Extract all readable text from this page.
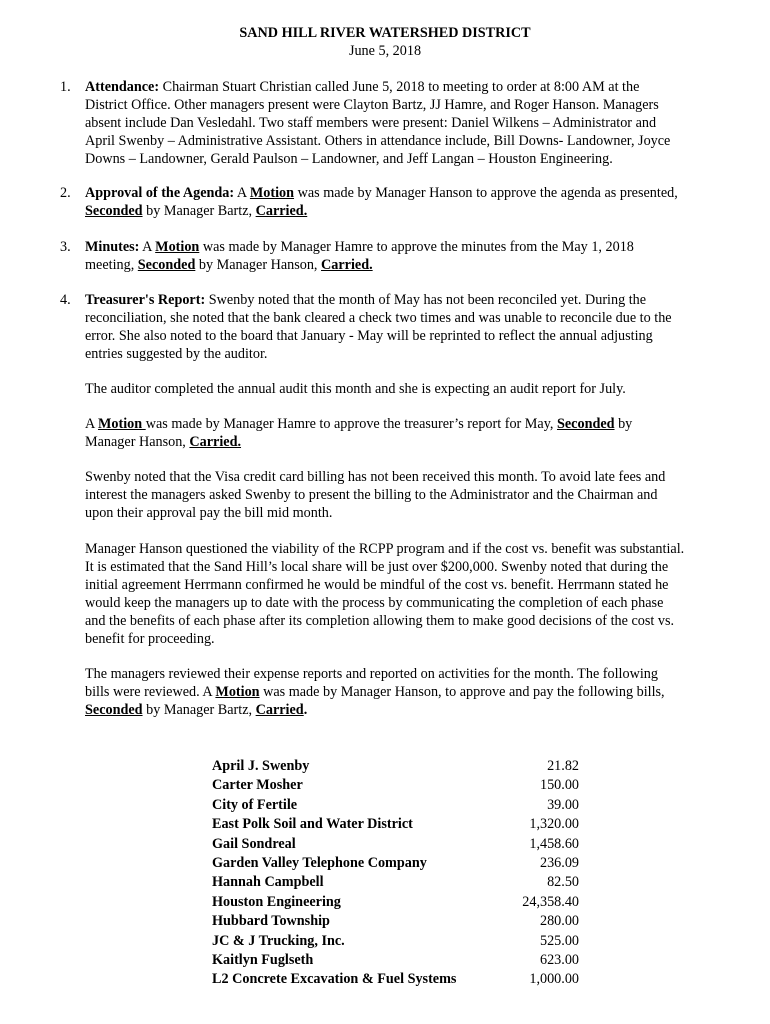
SAND HILL RIVER WATERSHED DISTRICT
June 5, 2018
1. Attendance: Chairman Stuart Christian called June 5, 2018 to meeting to order at 8:00 AM at the District Office. Other managers present were Clayton Bartz, JJ Hamre, and Roger Hanson. Managers absent include Dan Vesledahl. Two staff members were present: Daniel Wilkens – Administrator and April Swenby – Administrative Assistant. Others in attendance include, Bill Downs- Landowner, Joyce Downs – Landowner, Gerald Paulson – Landowner, and Jeff Langan – Houston Engineering.
2. Approval of the Agenda: A Motion was made by Manager Hanson to approve the agenda as presented, Seconded by Manager Bartz, Carried.
3. Minutes: A Motion was made by Manager Hamre to approve the minutes from the May 1, 2018 meeting, Seconded by Manager Hanson, Carried.
4. Treasurer's Report: Swenby noted that the month of May has not been reconciled yet. During the reconciliation, she noted that the bank cleared a check two times and was unable to reconcile due to the error. She also noted to the board that January - May will be reprinted to reflect the annual adjusting entries suggested by the auditor.
The auditor completed the annual audit this month and she is expecting an audit report for July.
A Motion was made by Manager Hamre to approve the treasurer’s report for May, Seconded by Manager Hanson, Carried.
Swenby noted that the Visa credit card billing has not been received this month. To avoid late fees and interest the managers asked Swenby to present the billing to the Administrator and the Chairman and upon their approval pay the bill mid month.
Manager Hanson questioned the viability of the RCPP program and if the cost vs. benefit was substantial. It is estimated that the Sand Hill’s local share will be just over $200,000. Swenby noted that during the initial agreement Herrmann confirmed he would be mindful of the cost vs. benefit. Herrmann stated he would keep the managers up to date with the process by communicating the completion of each phase and the benefits of each phase after its completion allowing them to make good decisions of the cost vs. benefit for proceeding.
The managers reviewed their expense reports and reported on activities for the month. The following bills were reviewed. A Motion was made by Manager Hanson, to approve and pay the following bills, Seconded by Manager Bartz, Carried.
April J. Swenby	21.82
Carter Mosher	150.00
City of Fertile	39.00
East Polk Soil and Water District	1,320.00
Gail Sondreal	1,458.60
Garden Valley Telephone Company	236.09
Hannah Campbell	82.50
Houston Engineering	24,358.40
Hubbard Township	280.00
JC & J Trucking, Inc.	525.00
Kaitlyn Fuglseth	623.00
L2 Concrete Excavation & Fuel Systems	1,000.00
